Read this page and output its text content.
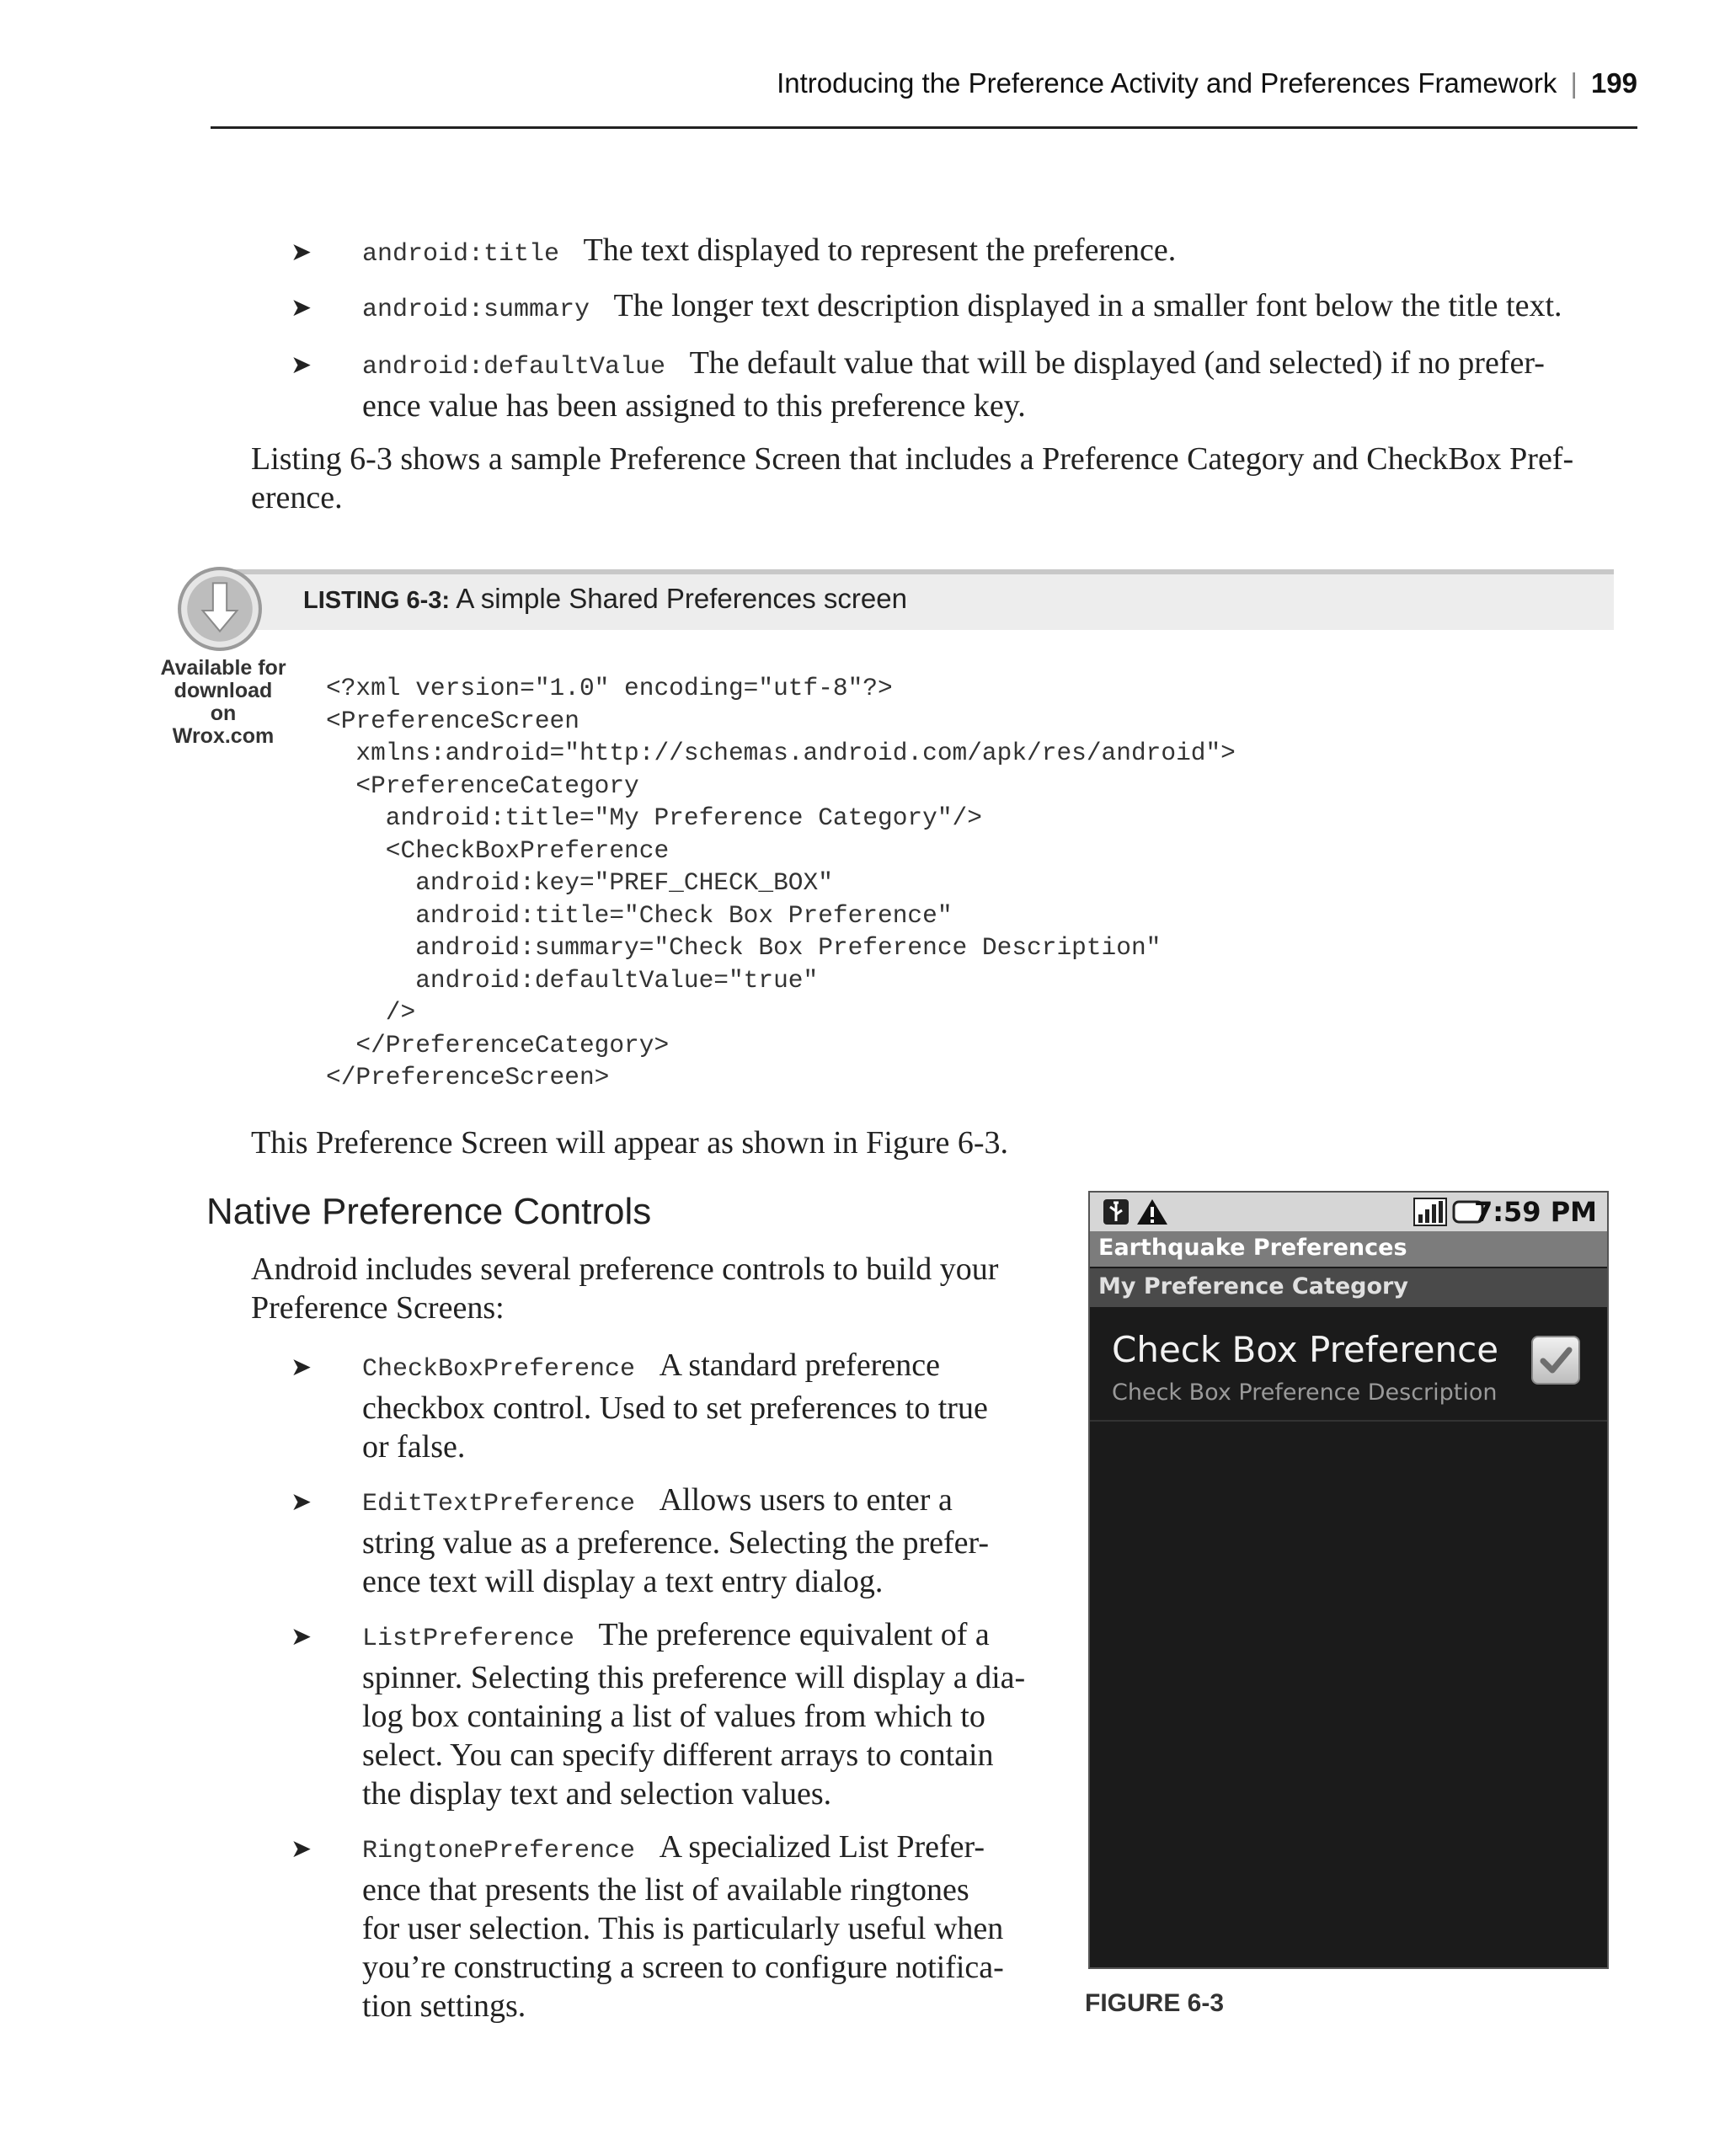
Introducing the Preference Activity and Preferences Framework | 199
➤ android:title The text displayed to represent the preference.
➤ android:summary The longer text description displayed in a smaller font below the title text.
➤ android:defaultValue The default value that will be displayed (and selected) if no prefer-
ence value has been assigned to this preference key.
Listing 6-3 shows a sample Preference Screen that includes a Preference Category and CheckBox Pref-
erence.
LISTING 6-3: A simple Shared Preferences screen
Available for
download on
Wrox.com
<?xml version="1.0" encoding="utf-8"?>
<PreferenceScreen
xmlns:android="http://schemas.android.com/apk/res/android">
<PreferenceCategory
android:title="My Preference Category"/>
<CheckBoxPreference
android:key="PREF_CHECK_BOX"
android:title="Check Box Preference"
android:summary="Check Box Preference Description"
android:defaultValue="true"
/>
</PreferenceCategory>
</PreferenceScreen>
This Preference Screen will appear as shown in Figure 6-3.
Native Preference Controls
Android includes several preference controls to build your
Preference Screens:
➤ CheckBoxPreference A standard preference
checkbox control. Used to set preferences to true
or false.
➤ EditTextPreference Allows users to enter a
string value as a preference. Selecting the prefer-
ence text will display a text entry dialog.
➤ ListPreference The preference equivalent of a
spinner. Selecting this preference will display a dia-
log box containing a list of values from which to
select. You can specify different arrays to contain
the display text and selection values.
➤ RingtonePreference A specialized List Prefer-
ence that presents the list of available ringtones
for user selection. This is particularly useful when
you’re constructing a screen to configure notifica-
tion settings.
7:59 PM
Earthquake Preferences
My Preference Category
Check Box Preference
Check Box Preference Description
FIGURE 6-3
